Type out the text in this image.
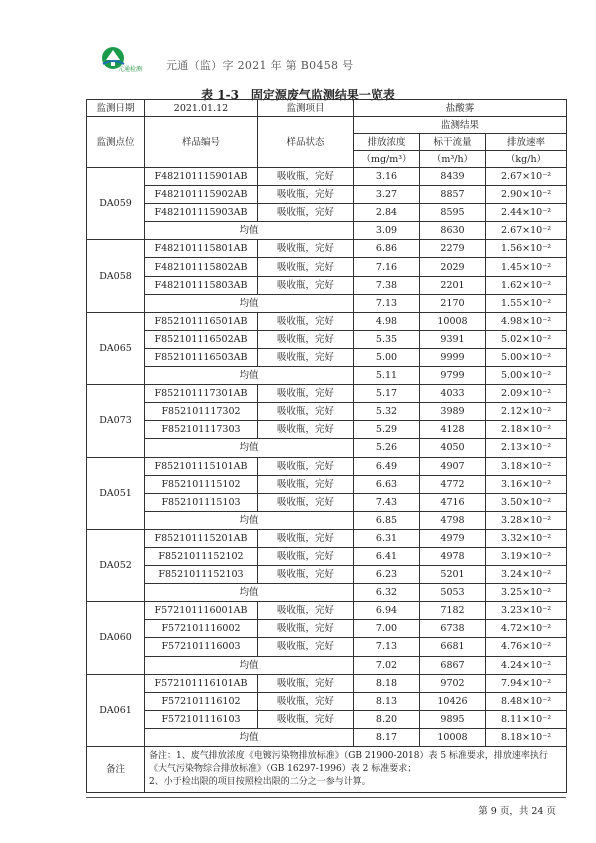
元通检测 元通（监）字 2021 年 第 B0458 号
表 1-3　固定源废气监测结果一览表
监测日期	2021.01.12	监测项目	盐酸雾		
监测点位	样品编号	样品状态	监测结果		
			排放浓度	标干流量	排放速率
			（mg/m³）	（m³/h）	（kg/h）
DA059	F482101115901AB	吸收瓶，完好	3.16	8439	2.67×10⁻²
	F482101115902AB	吸收瓶，完好	3.27	8857	2.90×10⁻²
	F482101115903AB	吸收瓶，完好	2.84	8595	2.44×10⁻²
	均值		3.09	8630	2.67×10⁻²
DA058	F482101115801AB	吸收瓶，完好	6.86	2279	1.56×10⁻²
	F482101115802AB	吸收瓶，完好	7.16	2029	1.45×10⁻²
	F482101115803AB	吸收瓶，完好	7.38	2201	1.62×10⁻²
	均值		7.13	2170	1.55×10⁻²
DA065	F852101116501AB	吸收瓶，完好	4.98	10008	4.98×10⁻²
	F852101116502AB	吸收瓶，完好	5.35	9391	5.02×10⁻²
	F852101116503AB	吸收瓶，完好	5.00	9999	5.00×10⁻²
	均值		5.11	9799	5.00×10⁻²
DA073	F852101117301AB	吸收瓶，完好	5.17	4033	2.09×10⁻²
	F852101117302	吸收瓶，完好	5.32	3989	2.12×10⁻²
	F852101117303	吸收瓶，完好	5.29	4128	2.18×10⁻²
	均值		5.26	4050	2.13×10⁻²
DA051	F852101115101AB	吸收瓶，完好	6.49	4907	3.18×10⁻²
	F852101115102	吸收瓶，完好	6.63	4772	3.16×10⁻²
	F852101115103	吸收瓶，完好	7.43	4716	3.50×10⁻²
	均值		6.85	4798	3.28×10⁻²
DA052	F852101115201AB	吸收瓶，完好	6.31	4979	3.32×10⁻²
	F8521011152102	吸收瓶，完好	6.41	4978	3.19×10⁻²
	F8521011152103	吸收瓶，完好	6.23	5201	3.24×10⁻²
	均值		6.32	5053	3.25×10⁻²
DA060	F572101116001AB	吸收瓶，完好	6.94	7182	3.23×10⁻²
	F572101116002	吸收瓶，完好	7.00	6738	4.72×10⁻²
	F572101116003	吸收瓶，完好	7.13	6681	4.76×10⁻²
	均值		7.02	6867	4.24×10⁻²
DA061	F572101116101AB	吸收瓶，完好	8.18	9702	7.94×10⁻²
	F572101116102	吸收瓶，完好	8.13	10426	8.48×10⁻²
	F572101116103	吸收瓶，完好	8.20	9895	8.11×10⁻²
	均值		8.17	10008	8.18×10⁻²
备注	备注：1、废气排放浓度《电镀污染物排放标准》（GB 21900-2018）表 5 标准要求，排放速率执行《大气污染物综合排放标准》（GB 16297-1996）表 2 标准要求；
2、小于检出限的项目按照检出限的二分之一参与计算。				
第 9 页，共 24 页
